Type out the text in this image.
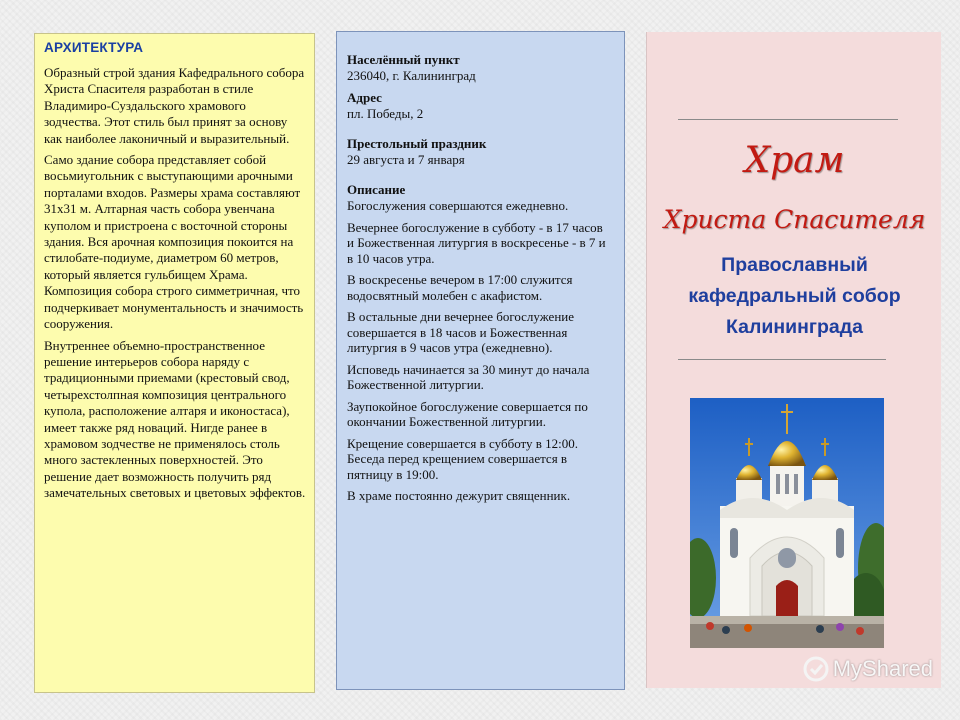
АРХИТЕКТУРА

Образный строй здания Кафедрального собора Христа Спасителя разработан в стиле Владимиро-Суздальского храмового зодчества. Этот стиль был принят за основу как наиболее лаконичный и выразительный.

Само здание собора представляет собой восьмиугольник с выступающими арочными порталами входов. Размеры храма составляют 31х31 м. Алтарная часть собора увенчана куполом и пристроена с восточной стороны здания. Вся арочная композиция покоится на стилобате-подиуме, диаметром 60 метров, который является гульбищем Храма. Композиция собора строго симметричная, что подчеркивает монументальность и значимость сооружения.

Внутреннее объемно-пространственное решение интерьеров собора наряду с традиционными приемами (крестовый свод, четырехстолпная композиция центрального купола, расположение алтаря и иконостаса), имеет также ряд новаций. Нигде ранее в храмовом зодчестве не применялось столь много застекленных поверхностей. Это решение дает возможность получить ряд замечательных световых и цветовых эффектов.

Населённый пункт

236040, г. Калининград

Адрес

пл. Победы, 2

Престольный праздник

29 августа и 7 января

Описание

Богослужения совершаются ежедневно.

Вечернее богослужение в субботу - в 17 часов и Божественная литургия в воскресенье - в 7 и в 10 часов утра.

В воскресенье вечером в 17:00 служится водосвятный молебен с акафистом.

В остальные дни вечернее богослужение совершается в 18 часов и Божественная литургия в 9 часов утра (ежедневно).

Исповедь начинается за 30 минут до начала Божественной литургии.

Заупокойное богослужение совершается по окончании Божественной литургии.

Крещение совершается в субботу в 12:00. Беседа перед крещением совершается в пятницу в 19:00.

В храме постоянно дежурит священник.

Храм

Христа Спасителя

Православный

кафедральный собор

Калининграда

MyShared
